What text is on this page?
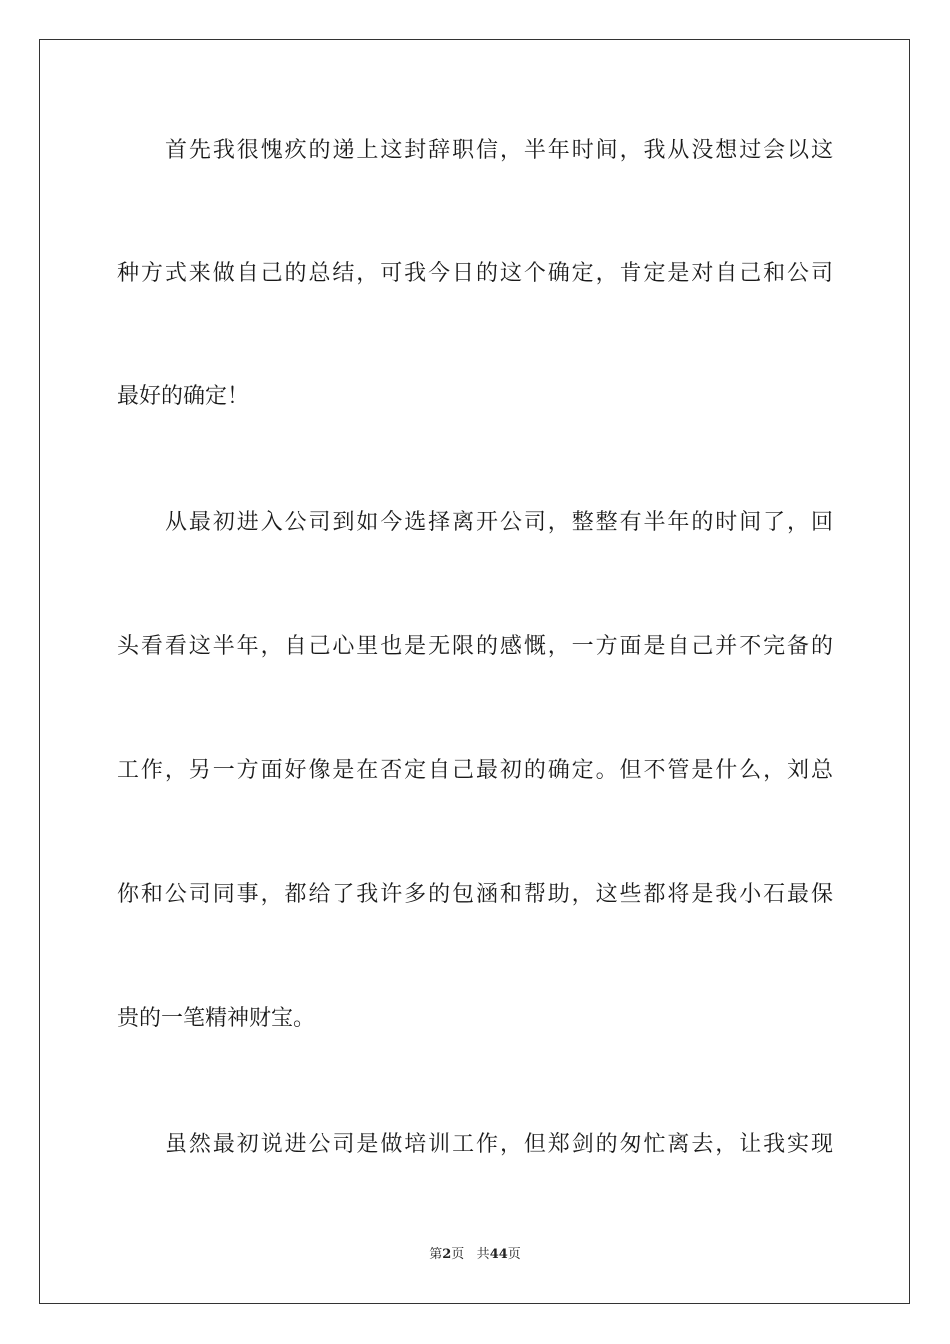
首先我很愧疚的递上这封辞职信，半年时间，我从没想过会以这
种方式来做自己的总结，可我今日的这个确定，肯定是对自己和公司
最好的确定！
从最初进入公司到如今选择离开公司，整整有半年的时间了，回
头看看这半年，自己心里也是无限的感慨，一方面是自己并不完备的
工作，另一方面好像是在否定自己最初的确定。但不管是什么，刘总
你和公司同事，都给了我许多的包涵和帮助，这些都将是我小石最保
贵的一笔精神财宝。
虽然最初说进公司是做培训工作，但郑剑的匆忙离去，让我实现
第2页 共44页
